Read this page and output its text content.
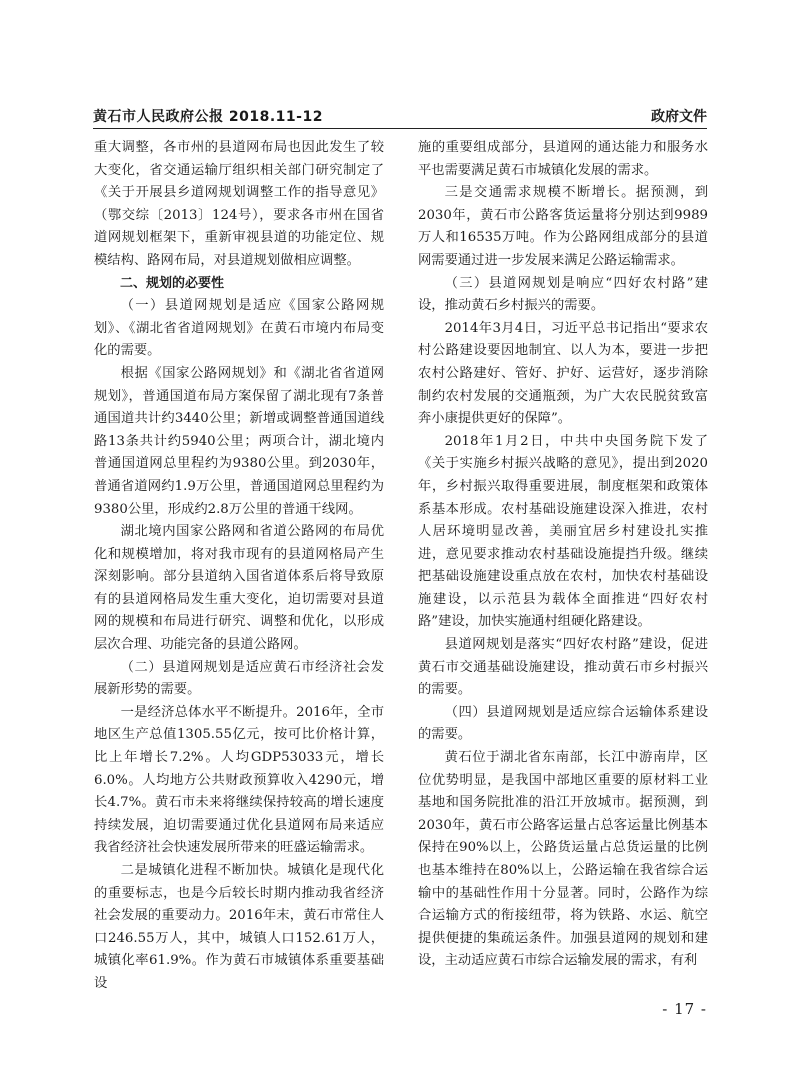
黄石市人民政府公报 2018.11-12	政府文件

重大调整，各市州的县道网布局也因此发生了较大变化，省交通运输厅组织相关部门研究制定了《关于开展县乡道网规划调整工作的指导意见》（鄂交综〔2013〕124号），要求各市州在国省道网规划框架下，重新审视县道的功能定位、规模结构、路网布局，对县道规划做相应调整。

二、规划的必要性

（一）县道网规划是适应《国家公路网规划》、《湖北省省道网规划》在黄石市境内布局变化的需要。

根据《国家公路网规划》和《湖北省省道网规划》，普通国道布局方案保留了湖北现有7条普通国道共计约3440公里；新增或调整普通国道线路13条共计约5940公里；两项合计，湖北境内普通国道网总里程约为9380公里。到2030年，普通省道网约1.9万公里，普通国道网总里程约为9380公里，形成约2.8万公里的普通干线网。

湖北境内国家公路网和省道公路网的布局优化和规模增加，将对我市现有的县道网格局产生深刻影响。部分县道纳入国省道体系后将导致原有的县道网格局发生重大变化，迫切需要对县道网的规模和布局进行研究、调整和优化，以形成层次合理、功能完备的县道公路网。

（二）县道网规划是适应黄石市经济社会发展新形势的需要。

一是经济总体水平不断提升。2016年，全市地区生产总值1305.55亿元，按可比价格计算，比上年增长7.2%。人均GDP53033元，增长6.0%。人均地方公共财政预算收入4290元，增长4.7%。黄石市未来将继续保持较高的增长速度持续发展，迫切需要通过优化县道网布局来适应我省经济社会快速发展所带来的旺盛运输需求。

二是城镇化进程不断加快。城镇化是现代化的重要标志，也是今后较长时期内推动我省经济社会发展的重要动力。2016年末，黄石市常住人口246.55万人，其中，城镇人口152.61万人，城镇化率61.9%。作为黄石市城镇体系重要基础设

施的重要组成部分，县道网的通达能力和服务水平也需要满足黄石市城镇化发展的需求。

三是交通需求规模不断增长。据预测，到2030年，黄石市公路客货运量将分别达到9989万人和16535万吨。作为公路网组成部分的县道网需要通过进一步发展来满足公路运输需求。

（三）县道网规划是响应“四好农村路”建设，推动黄石乡村振兴的需要。

2014年3月4日，习近平总书记指出“要求农村公路建设要因地制宜、以人为本，要进一步把农村公路建好、管好、护好、运营好，逐步消除制约农村发展的交通瓶颈，为广大农民脱贫致富奔小康提供更好的保障”。

2018年1月2日，中共中央国务院下发了《关于实施乡村振兴战略的意见》，提出到2020年，乡村振兴取得重要进展，制度框架和政策体系基本形成。农村基础设施建设深入推进，农村人居环境明显改善，美丽宜居乡村建设扎实推进，意见要求推动农村基础设施提挡升级。继续把基础设施建设重点放在农村，加快农村基础设施建设，以示范县为载体全面推进“四好农村路”建设，加快实施通村组硬化路建设。

县道网规划是落实“四好农村路”建设，促进黄石市交通基础设施建设，推动黄石市乡村振兴的需要。

（四）县道网规划是适应综合运输体系建设的需要。

黄石位于湖北省东南部，长江中游南岸，区位优势明显，是我国中部地区重要的原材料工业基地和国务院批准的沿江开放城市。据预测，到2030年，黄石市公路客运量占总客运量比例基本保持在90%以上，公路货运量占总货运量的比例也基本维持在80%以上，公路运输在我省综合运输中的基础性作用十分显著。同时，公路作为综合运输方式的衔接纽带，将为铁路、水运、航空提供便捷的集疏运条件。加强县道网的规划和建设，主动适应黄石市综合运输发展的需求，有利

- 17 -
